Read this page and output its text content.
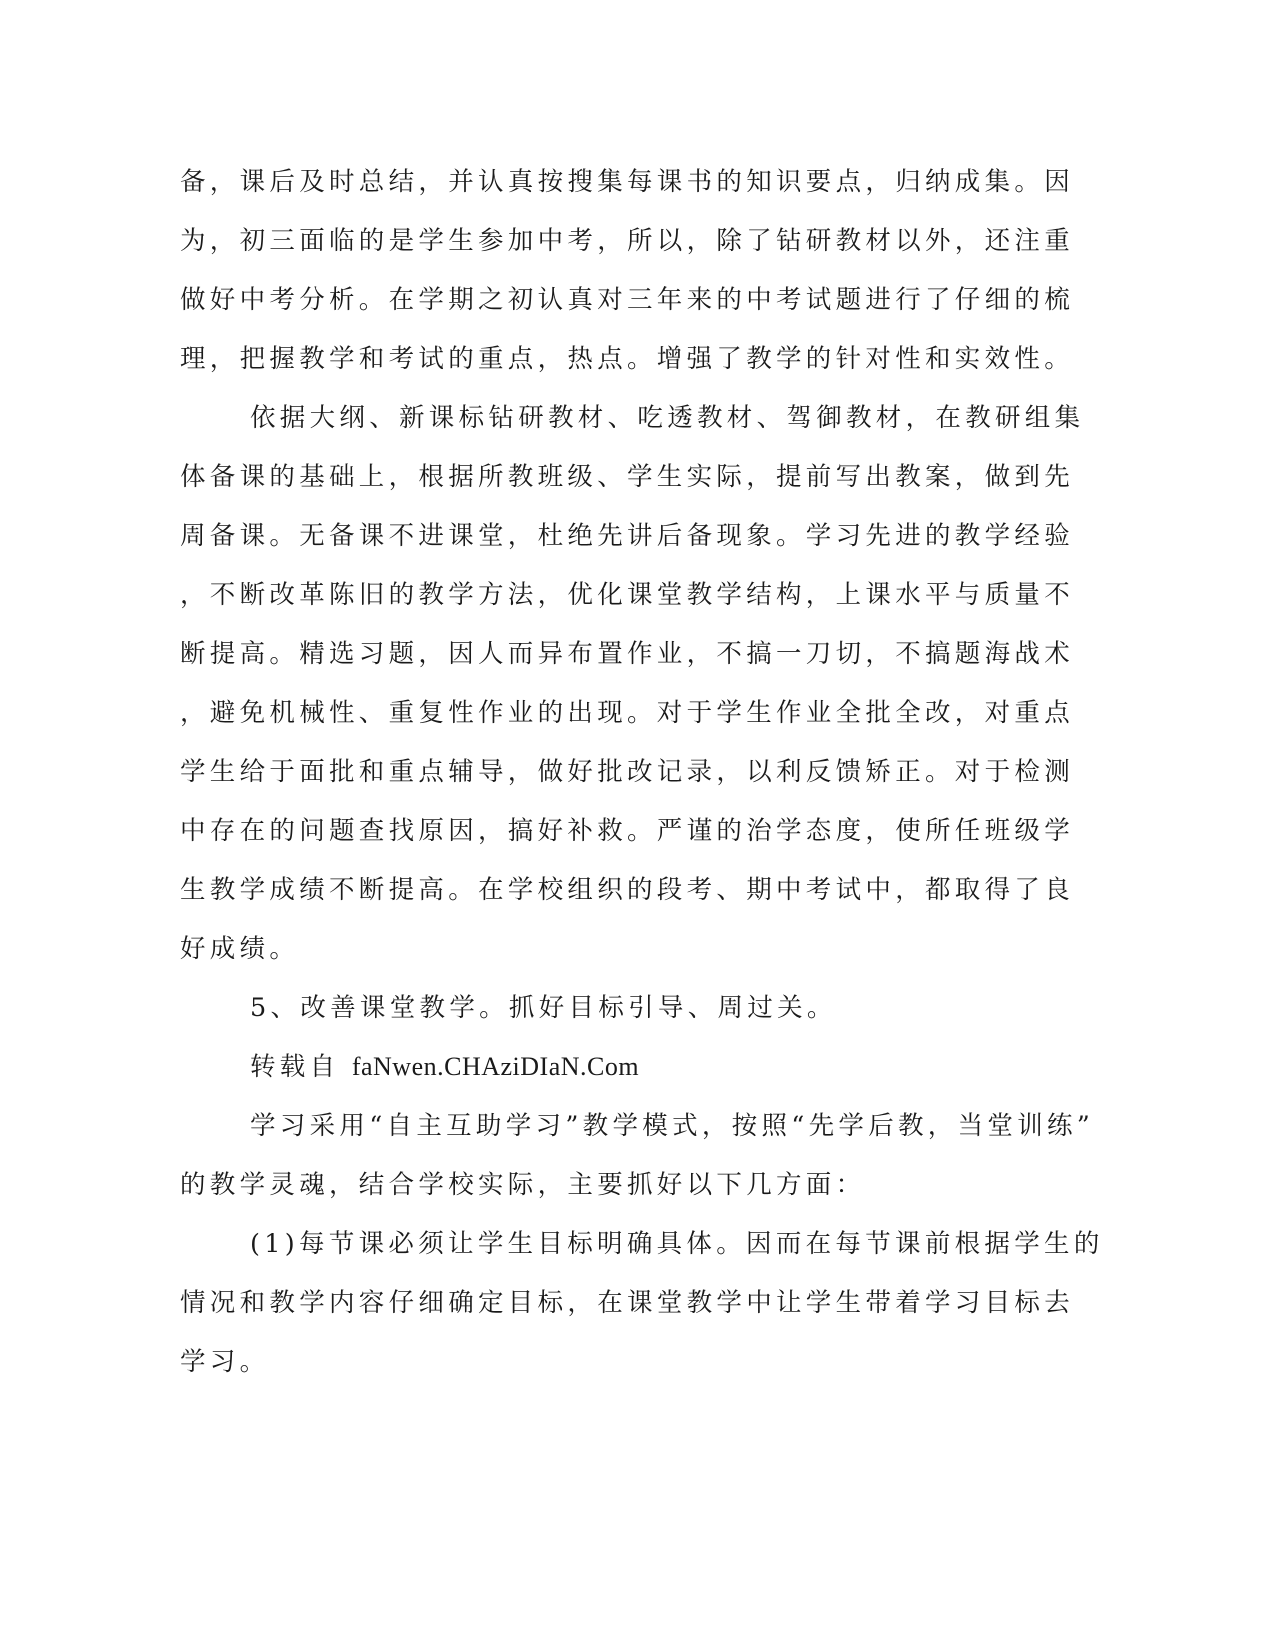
备，课后及时总结，并认真按搜集每课书的知识要点，归纳成集。因
为，初三面临的是学生参加中考，所以，除了钻研教材以外，还注重
做好中考分析。在学期之初认真对三年来的中考试题进行了仔细的梳
理，把握教学和考试的重点，热点。增强了教学的针对性和实效性。
依据大纲、新课标钻研教材、吃透教材、驾御教材，在教研组集
体备课的基础上，根据所教班级、学生实际，提前写出教案，做到先
周备课。无备课不进课堂，杜绝先讲后备现象。学习先进的教学经验
，不断改革陈旧的教学方法，优化课堂教学结构，上课水平与质量不
断提高。精选习题，因人而异布置作业，不搞一刀切，不搞题海战术
，避免机械性、重复性作业的出现。对于学生作业全批全改，对重点
学生给于面批和重点辅导，做好批改记录，以利反馈矫正。对于检测
中存在的问题查找原因，搞好补救。严谨的治学态度，使所任班级学
生教学成绩不断提高。在学校组织的段考、期中考试中，都取得了良
好成绩。
5、改善课堂教学。抓好目标引导、周过关。
转载自 faNwen.CHAziDIaN.Com
学习采用“自主互助学习”教学模式，按照“先学后教，当堂训练”
的教学灵魂，结合学校实际，主要抓好以下几方面：
(1)每节课必须让学生目标明确具体。因而在每节课前根据学生的
情况和教学内容仔细确定目标，在课堂教学中让学生带着学习目标去
学习。
